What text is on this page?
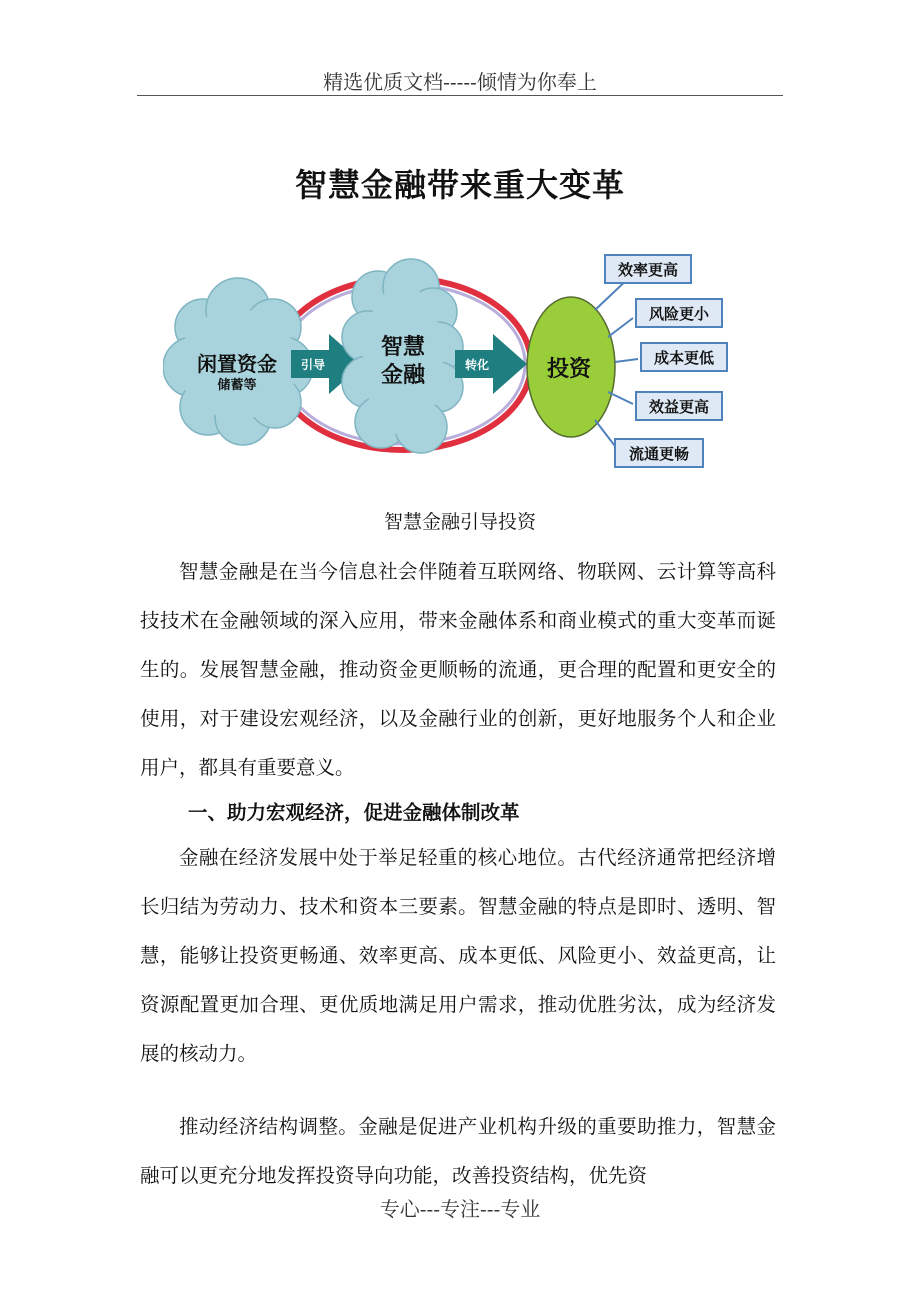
精选优质文档-----倾情为你奉上
智慧金融带来重大变革
闲置资金
储蓄等
引导
智慧
金融	转化	投资
效率更高
风险更小
成本更低
效益更高
流通更畅
智慧金融引导投资

智慧金融是在当今信息社会伴随着互联网络、物联网、云计算等高科技技术在金融领域的深入应用，带来金融体系和商业模式的重大变革而诞生的。发展智慧金融，推动资金更顺畅的流通，更合理的配置和更安全的使用，对于建设宏观经济，以及金融行业的创新，更好地服务个人和企业用户，都具有重要意义。

一、助力宏观经济，促进金融体制改革

金融在经济发展中处于举足轻重的核心地位。古代经济通常把经济增长归结为劳动力、技术和资本三要素。智慧金融的特点是即时、透明、智慧，能够让投资更畅通、效率更高、成本更低、风险更小、效益更高，让资源配置更加合理、更优质地满足用户需求，推动优胜劣汰，成为经济发展的核动力。

推动经济结构调整。金融是促进产业机构升级的重要助推力，智慧金融可以更充分地发挥投资导向功能，改善投资结构，优先资

专心---专注---专业
